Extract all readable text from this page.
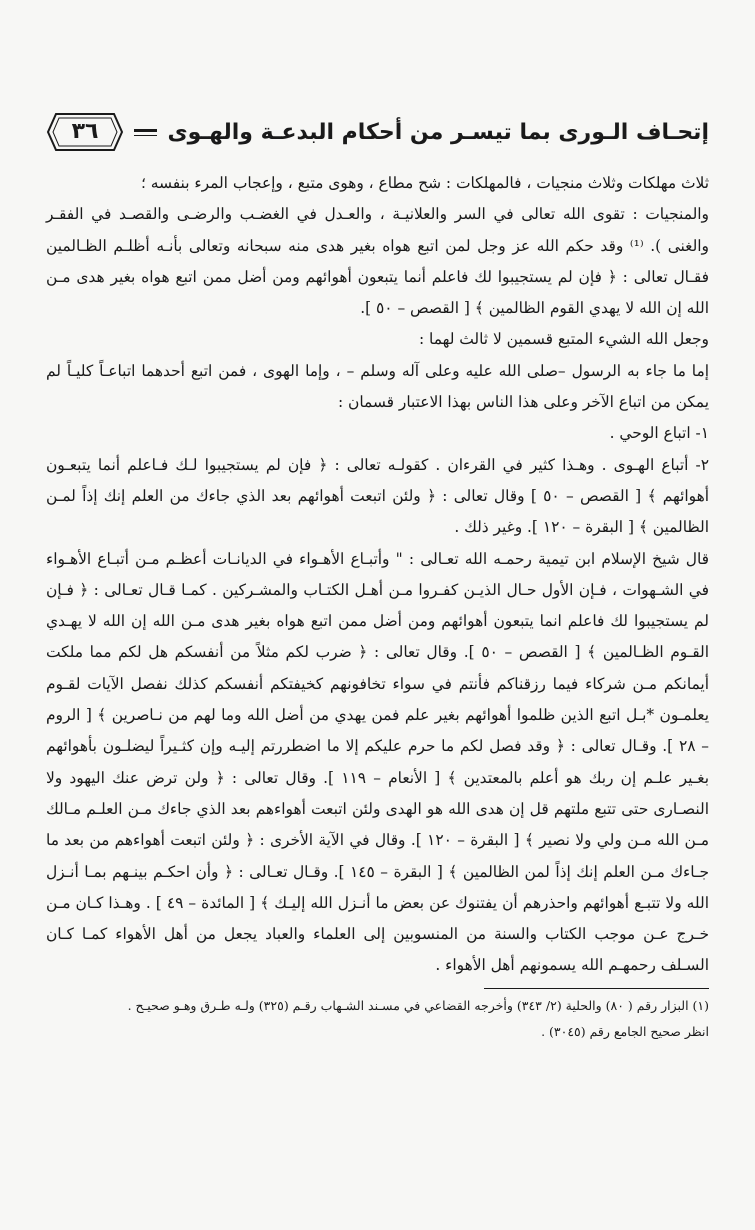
إتحـاف الـورى بما تيسـر من أحكام البدعـة والهـوى
٣٦

ثلاث مهلكات وثلاث منجيات ، فالمهلكات : شح مطاع ، وهوى متبع ، وإعجاب المرء بنفسه ؛

والمنجيات : تقوى الله تعالى في السر والعلانيـة ، والعـدل في الغضـب والرضـى والقصـد في الفقـر والغنى ). ⁽¹⁾ وقد حكم الله عز وجل لمن اتبع هواه بغير هدى منه سبحانه وتعالى بأنـه أظلـم الظـالمين فقـال تعالى : ﴿ فإن لم يستجيبوا لك فاعلم أنما يتبعون أهوائهم ومن أضل ممن اتبع هواه بغير هدى مـن الله إن الله لا يهدي القوم الظالمين ﴾ [ القصص – ٥٠ ].

وجعل الله الشيء المتبع قسمين لا ثالث لهما :

إما ما جاء به الرسول –صلى الله عليه وعلى آله وسلم – ، وإما الهوى ، فمن اتبع أحدهما اتباعـاً كليـاً لم يمكن من اتباع الآخر وعلى هذا الناس بهذا الاعتبار قسمان :

١- اتباع الوحي .

٢- أتباع الهـوى . وهـذا كثير في القرءان . كقولـه تعالى : ﴿ فإن لم يستجيبوا لـك فـاعلم أنما يتبعـون أهوائهم ﴾ [ القصص – ٥٠ ] وقال تعالى : ﴿ ولئن اتبعت أهوائهم بعد الذي جاءك من العلم إنك إذاً لمـن الظالمين ﴾ [ البقرة – ١٢٠ ]. وغير ذلك .

قال شيخ الإسلام ابن تيمية رحمـه الله تعـالى : " وأتبـاع الأهـواء في الديانـات أعظـم مـن أتبـاع الأهـواء في الشـهوات ، فـإن الأول حـال الذيـن كفـروا مـن أهـل الكتـاب والمشـركين . كمـا قـال تعـالى : ﴿ فـإن لم يستجيبوا لك فاعلم انما يتبعون أهوائهم ومن أضل ممن اتبع هواه بغير هدى مـن الله إن الله لا يهـدي القـوم الظـالمين ﴾ [ القصص – ٥٠ ]. وقال تعالى : ﴿ ضرب لكم مثلاً من أنفسكم هل لكم مما ملكت أيمانكم مـن شركاء فيما رزقناكم فأنتم في سواء تخافونهم كخيفتكم أنفسكم كذلك نفصل الآيات لقـوم يعلمـون *بـل اتبع الذين ظلموا أهوائهم بغير علم فمن يهدي من أضل الله وما لهم من نـاصرين ﴾ [ الروم – ٢٨ ]. وقـال تعالى : ﴿ وقد فصل لكم ما حرم عليكم إلا ما اضطررتم إليـه وإن كثـيراً ليضلـون بأهوائهم بغـير علـم إن ربك هو أعلم بالمعتدين ﴾ [ الأنعام – ١١٩ ]. وقال تعالى : ﴿ ولن ترض عنك اليهود ولا النصـارى حتى تتبع ملتهم قل إن هدى الله هو الهدى ولئن اتبعت أهواءهم بعد الذي جاءك مـن العلـم مـالك مـن الله مـن ولي ولا نصير ﴾ [ البقرة – ١٢٠ ]. وقال في الآية الأخرى : ﴿ ولئن اتبعت أهواءهم من بعد ما جـاءك مـن العلم إنك إذاً لمن الظالمين ﴾ [ البقرة – ١٤٥ ]. وقـال تعـالى : ﴿ وأن احكـم بينـهم بمـا أنـزل الله ولا تتبـع أهوائهم واحذرهم أن يفتنوك عن بعض ما أنـزل الله إليـك ﴾ [ المائدة – ٤٩ ] . وهـذا كـان مـن خـرج عـن موجب الكتاب والسنة من المنسوبين إلى العلماء والعباد يجعل من أهل الأهواء كمـا كـان السـلف رحمهـم الله يسمونهم أهل الأهواء .

(١) البزار رقم ( ٨٠) والحلية (٢/ ٣٤٣) وأخرجه القضاعي في مسـند الشـهاب رقـم (٣٢٥) ولـه طـرق وهـو صحيـح .

انظر صحيح الجامع رقم (٣٠٤٥) .
